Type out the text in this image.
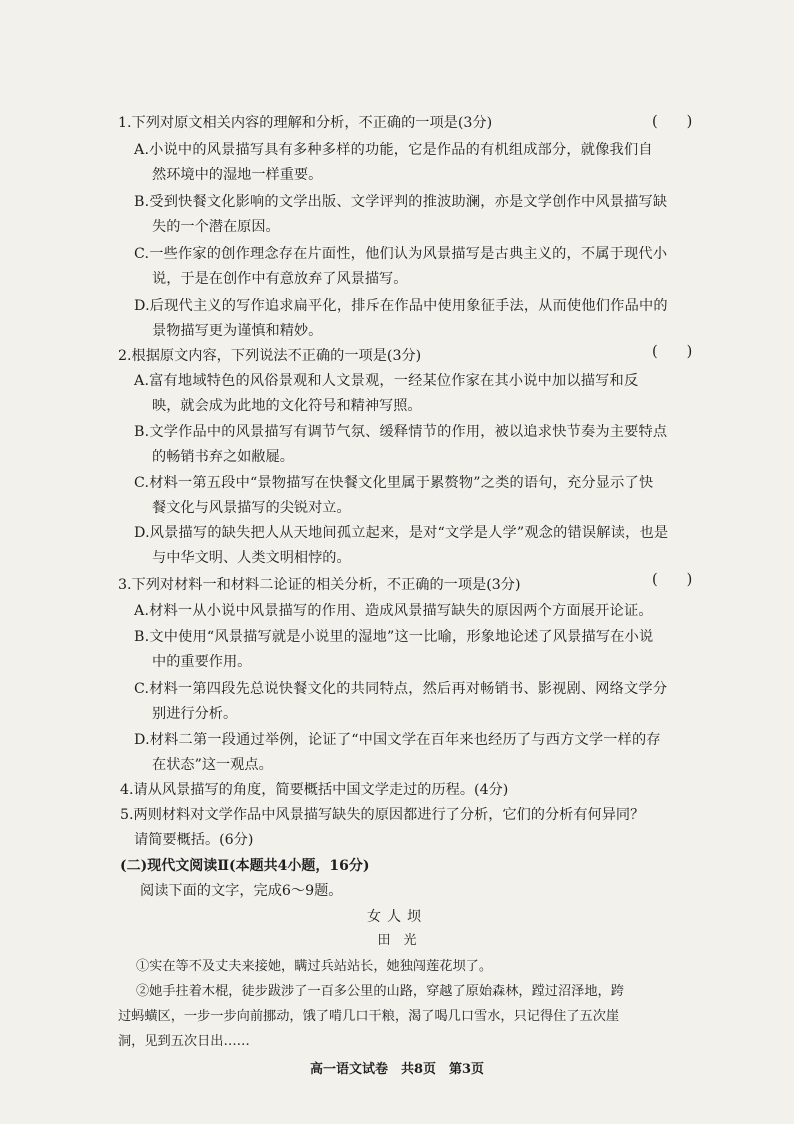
1.下列对原文相关内容的理解和分析，不正确的一项是(3分)	(　　)
A.小说中的风景描写具有多种多样的功能，它是作品的有机组成部分，就像我们自
然环境中的湿地一样重要。
B.受到快餐文化影响的文学出版、文学评判的推波助澜，亦是文学创作中风景描写缺
失的一个潜在原因。
C.一些作家的创作理念存在片面性，他们认为风景描写是古典主义的，不属于现代小
说，于是在创作中有意放弃了风景描写。
D.后现代主义的写作追求扁平化，排斥在作品中使用象征手法，从而使他们作品中的
景物描写更为谨慎和精妙。
2.根据原文内容，下列说法不正确的一项是(3分)	(　　)
A.富有地域特色的风俗景观和人文景观，一经某位作家在其小说中加以描写和反
映，就会成为此地的文化符号和精神写照。
B.文学作品中的风景描写有调节气氛、缓释情节的作用，被以追求快节奏为主要特点
的畅销书弃之如敝屣。
C.材料一第五段中“景物描写在快餐文化里属于累赘物”之类的语句，充分显示了快
餐文化与风景描写的尖锐对立。
D.风景描写的缺失把人从天地间孤立起来，是对“文学是人学”观念的错误解读，也是
与中华文明、人类文明相悖的。
3.下列对材料一和材料二论证的相关分析，不正确的一项是(3分)	(　　)
A.材料一从小说中风景描写的作用、造成风景描写缺失的原因两个方面展开论证。
B.文中使用“风景描写就是小说里的湿地”这一比喻，形象地论述了风景描写在小说
中的重要作用。
C.材料一第四段先总说快餐文化的共同特点，然后再对畅销书、影视剧、网络文学分
别进行分析。
D.材料二第一段通过举例，论证了“中国文学在百年来也经历了与西方文学一样的存
在状态”这一观点。
4.请从风景描写的角度，简要概括中国文学走过的历程。(4分)
5.两则材料对文学作品中风景描写缺失的原因都进行了分析，它们的分析有何异同？
请简要概括。(6分)
(二)现代文阅读Ⅱ(本题共4小题，16分)
阅读下面的文字，完成6～9题。
女人坝
田　光
①实在等不及丈夫来接她，瞒过兵站站长，她独闯莲花坝了。
②她手拄着木棍，徒步跋涉了一百多公里的山路，穿越了原始森林，蹚过沼泽地，跨
过蚂蟥区，一步一步向前挪动，饿了啃几口干粮，渴了喝几口雪水，只记得住了五次崖
洞，见到五次日出……
高一语文试卷　共8页　第3页
